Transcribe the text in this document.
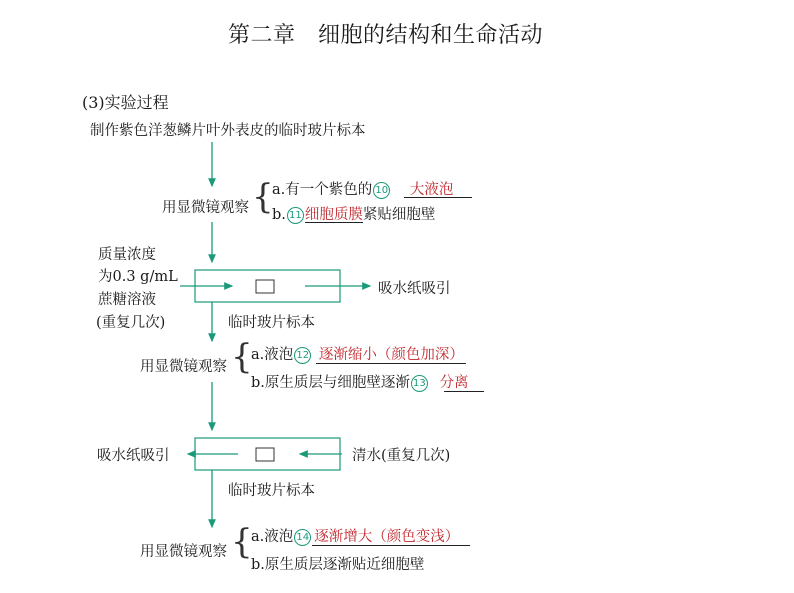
第二章　细胞的结构和生命活动
(3)实验过程
制作紫色洋葱鳞片叶外表皮的临时玻片标本
用显微镜观察 {
a.有一个紫色的 10 大液泡
b. 11 细胞质膜紧贴细胞壁
质量浓度
为0.3 g/mL
蔗糖溶液
(重复几次)
吸水纸吸引
临时玻片标本
用显微镜观察 {
a.液泡 12 逐渐缩小（颜色加深）
b.原生质层与细胞壁逐渐 13 分离
吸水纸吸引	清水(重复几次)
临时玻片标本
用显微镜观察 {
a.液泡 14 逐渐增大（颜色变浅）
b.原生质层逐渐贴近细胞壁
